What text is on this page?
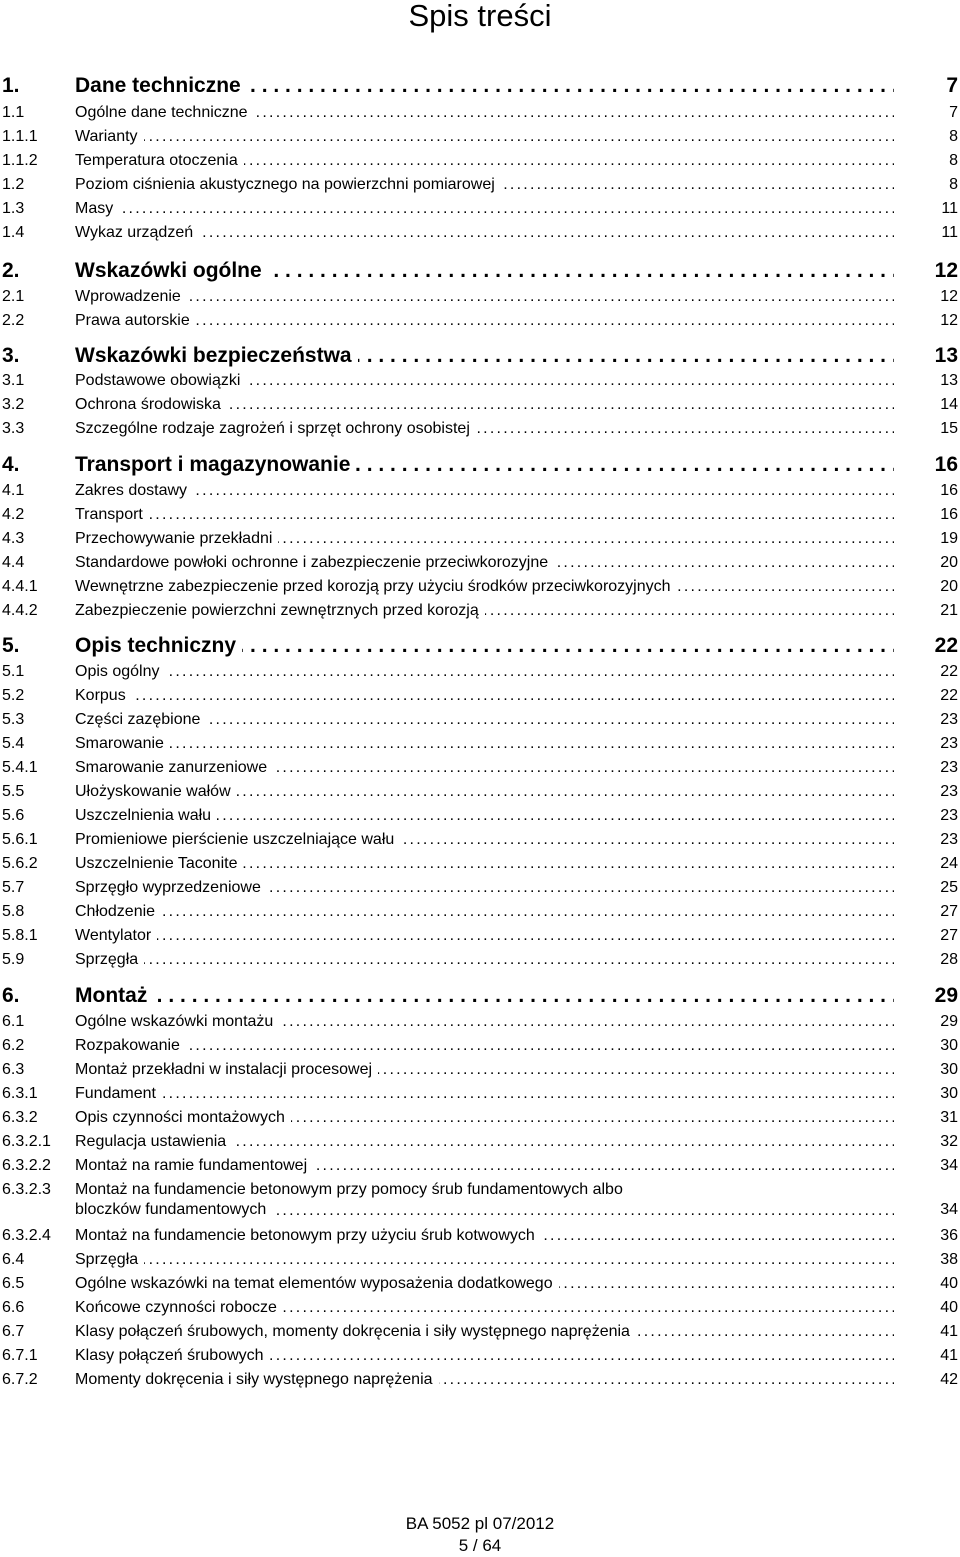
Spis treści
1.	Dane techniczne . . .	7
1.1	Ogólne dane techniczne . . .	7
1.1.1 Warianty . . .	8
1.1.2 Temperatura otoczenia . . .	8
1.2	Poziom ciśnienia akustycznego na powierzchni pomiarowej . . .	8
1.3	Masy . . .	11
1.4	Wykaz urządzeń . . .	11
2.	Wskazówki ogólne . . .	12
2.1	Wprowadzenie . . .	12
2.2	Prawa autorskie . . .	12
3.	Wskazówki bezpieczeństwa . . .	13
3.1	Podstawowe obowiązki . . .	13
3.2	Ochrona środowiska . . .	14
3.3	Szczególne rodzaje zagrożeń i sprzęt ochrony osobistej . . .	15
4.	Transport i magazynowanie . . .	16
4.1	Zakres dostawy . . .	16
4.2	Transport . . .	16
4.3	Przechowywanie przekładni . . .	19
4.4	Standardowe powłoki ochronne i zabezpieczenie przeciwkorozyjne . . .	20
4.4.1 Wewnętrzne zabezpieczenie przed korozją przy użyciu środków przeciwkorozyjnych . . .	20
4.4.2 Zabezpieczenie powierzchni zewnętrznych przed korozją . . .	21
5.	Opis techniczny . . .	22
5.1	Opis ogólny . . .	22
5.2	Korpus . . .	22
5.3	Części zazębione . . .	23
5.4	Smarowanie . . .	23
5.4.1 Smarowanie zanurzeniowe . . .	23
5.5	Ułożyskowanie wałów . . .	23
5.6	Uszczelnienia wału . . .	23
5.6.1 Promieniowe pierścienie uszczelniające wału . . .	23
5.6.2 Uszczelnienie Taconite . . .	24
5.7	Sprzęgło wyprzedzeniowe . . .	25
5.8	Chłodzenie . . .	27
5.8.1 Wentylator . . .	27
5.9	Sprzęgła . . .	28
6.	Montaż . . .	29
6.1	Ogólne wskazówki montażu . . .	29
6.2	Rozpakowanie . . .	30
6.3	Montaż przekładni w instalacji procesowej . . .	30
6.3.1 Fundament . . .	30
6.3.2 Opis czynności montażowych . . .	31
6.3.2.1 Regulacja ustawienia . . .	32
6.3.2.2 Montaż na ramie fundamentowej . . .	34
6.3.2.3 Montaż na fundamencie betonowym przy pomocy śrub fundamentowych albo
bloczków fundamentowych . . .	34
6.3.2.4 Montaż na fundamencie betonowym przy użyciu śrub kotwowych . . .	36
6.4	Sprzęgła . . .	38
6.5	Ogólne wskazówki na temat elementów wyposażenia dodatkowego . . .	40
6.6	Końcowe czynności robocze . . .	40
6.7	Klasy połączeń śrubowych, momenty dokręcenia i siły występnego naprężenia . . .	41
6.7.1 Klasy połączeń śrubowych . . .	41
6.7.2 Momenty dokręcenia i siły występnego naprężenia . . .	42
BA 5052 pl 07/2012
5 / 64
